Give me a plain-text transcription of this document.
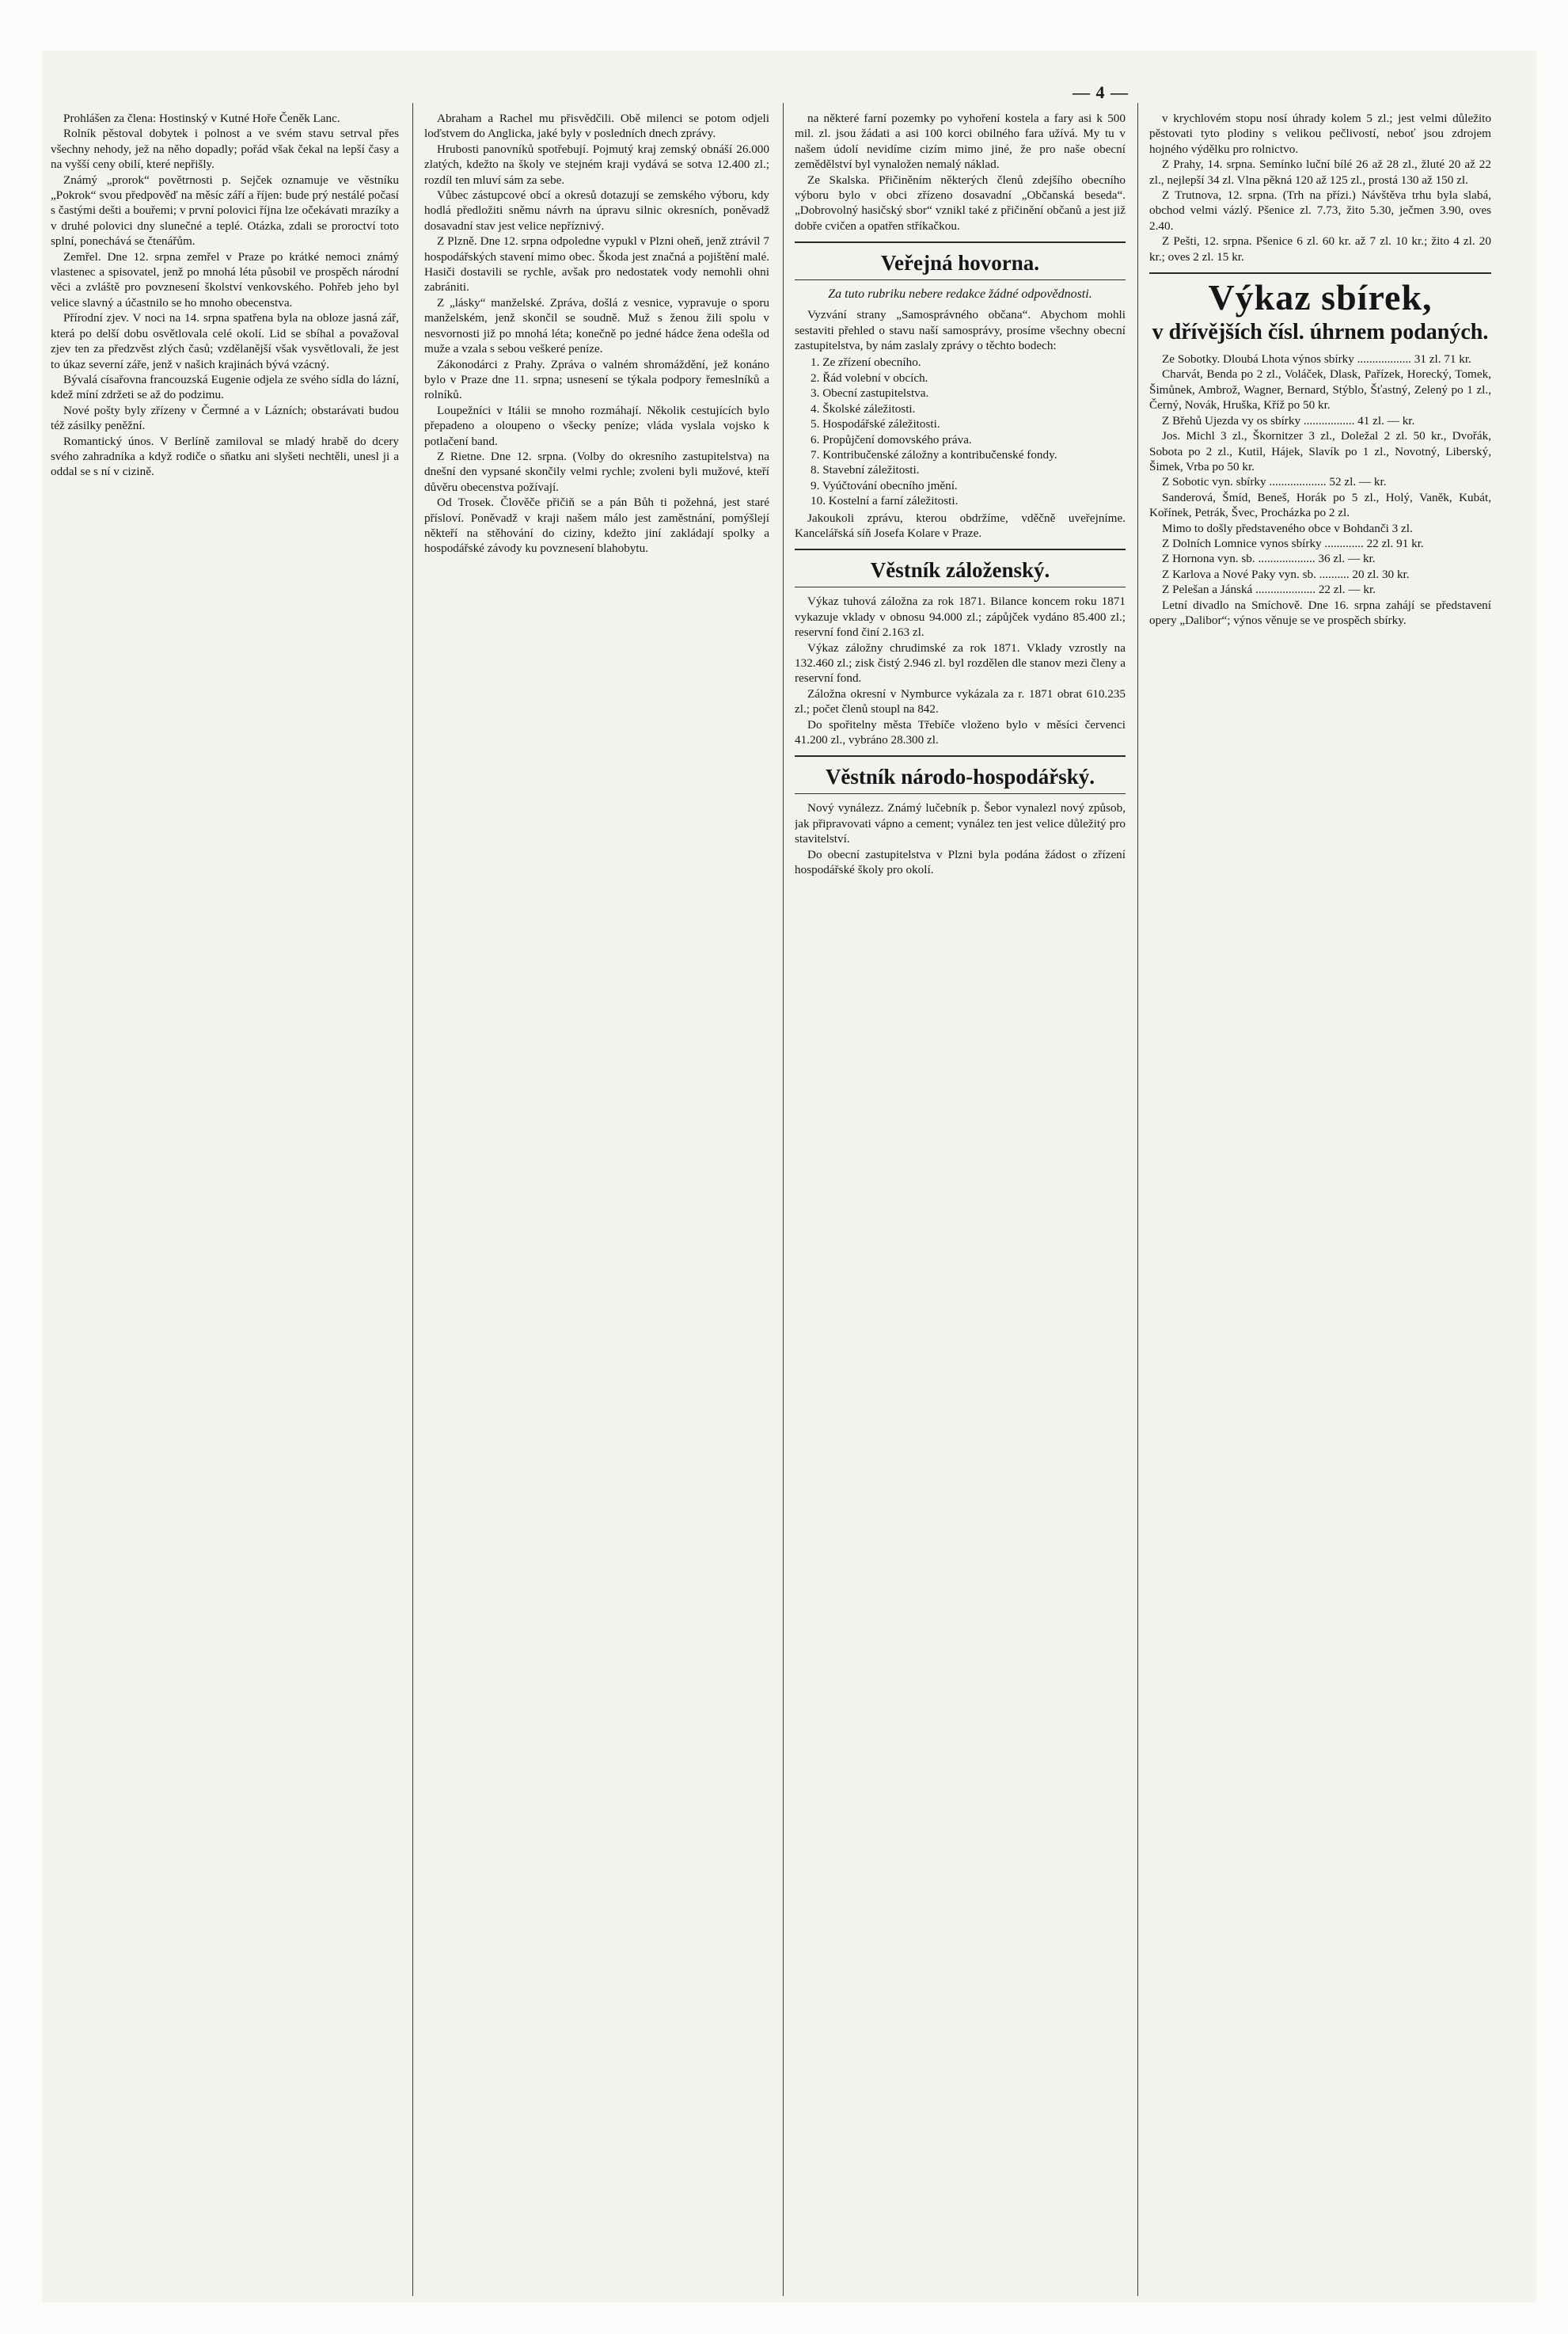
— 4 —

Prohlášen za člena: Hostinský v Kutné Hoře Čeněk Lanc.

Rolník pěstoval dobytek i polnost a ve svém stavu setrval přes všechny nehody, jež na něho dopadly; pořád však čekal na lepší časy a na vyšší ceny obilí, které nepřišly.

Známý „prorok“ povětrnosti p. Sejček oznamuje ve věstníku „Pokrok“ svou předpověď na měsíc září a říjen: bude prý nestálé počasí s častými dešti a bouřemi; v první polovici října lze očekávati mrazíky a v druhé polovici dny slunečné a teplé. Otázka, zdali se proroctví toto splní, ponechává se čtenářům.

Zemřel. Dne 12. srpna zemřel v Praze po krátké nemoci známý vlastenec a spisovatel, jenž po mnohá léta působil ve prospěch národní věci a zvláště pro povznesení školství venkovského. Pohřeb jeho byl velice slavný a účastnilo se ho mnoho obecenstva.

Přírodní zjev. V noci na 14. srpna spatřena byla na obloze jasná zář, která po delší dobu osvětlovala celé okolí. Lid se sbíhal a považoval zjev ten za předzvěst zlých časů; vzdělanější však vysvětlovali, že jest to úkaz severní záře, jenž v našich krajinách bývá vzácný.

Bývalá císařovna francouzská Eugenie odjela ze svého sídla do lázní, kdež míní zdržeti se až do podzimu.

Nové pošty byly zřízeny v Čermné a v Lázních; obstarávati budou též zásilky peněžní.

Romantický únos. V Berlíně zamiloval se mladý hrabě do dcery svého zahradníka a když rodiče o sňatku ani slyšeti nechtěli, unesl ji a oddal se s ní v cizině.

Abraham a Rachel mu přisvědčili. Obě milenci se potom odjeli loďstvem do Anglicka, jaké byly v posledních dnech zprávy.

Hrubosti panovníků spotřebují. Pojmutý kraj zemský obnáší 26.000 zlatých, kdežto na školy ve stejném kraji vydává se sotva 12.400 zl.; rozdíl ten mluví sám za sebe.

Vůbec zástupcové obcí a okresů dotazují se zemského výboru, kdy hodlá předložiti sněmu návrh na úpravu silnic okresních, poněvadž dosavadní stav jest velice nepříznivý.

Z Plzně. Dne 12. srpna odpoledne vypukl v Plzni oheň, jenž ztrávil 7 hospodářských stavení mimo obec. Škoda jest značná a pojištění malé. Hasiči dostavili se rychle, avšak pro nedostatek vody nemohli ohni zabrániti.

Z „lásky“ manželské. Zpráva, došlá z vesnice, vypravuje o sporu manželském, jenž skončil se soudně. Muž s ženou žili spolu v nesvornosti již po mnohá léta; konečně po jedné hádce žena odešla od muže a vzala s sebou veškeré peníze.

Zákonodárci z Prahy. Zpráva o valném shromáždění, jež konáno bylo v Praze dne 11. srpna; usnesení se týkala podpory řemeslníků a rolníků.

Loupežníci v Itálii se mnoho rozmáhají. Několik cestujících bylo přepadeno a oloupeno o všecky peníze; vláda vyslala vojsko k potlačení band.

Z Rietne. Dne 12. srpna. (Volby do okresního zastupitelstva) na dnešní den vypsané skončily velmi rychle; zvoleni byli mužové, kteří důvěru obecenstva požívají.

Od Trosek. Člověče přičiň se a pán Bůh ti požehná, jest staré přísloví. Poněvadž v kraji našem málo jest zaměstnání, pomýšlejí někteří na stěhování do ciziny, kdežto jiní zakládají spolky a hospodářské závody ku povznesení blahobytu.

na některé farní pozemky po vyhoření kostela a fary asi k 500 mil. zl. jsou žádati a asi 100 korci obilného fara užívá. My tu v našem údolí nevidíme cizím mimo jiné, že pro naše obecní zemědělství byl vynaložen nemalý náklad.

Ze Skalska. Přičiněním některých členů zdejšího obecního výboru bylo v obci zřízeno dosavadní „Občanská beseda“. „Dobrovolný hasičský sbor“ vznikl také z přičinění občanů a jest již dobře cvičen a opatřen stříkačkou.

Veřejná hovorna.
Za tuto rubriku nebere redakce žádné odpovědnosti.

Vyzvání strany „Samosprávného občana“. Abychom mohli sestaviti přehled o stavu naší samosprávy, prosíme všechny obecní zastupitelstva, by nám zaslaly zprávy o těchto bodech:

1. Ze zřízení obecního.
2. Řád volební v obcích.
3. Obecní zastupitelstva.
4. Školské záležitosti.
5. Hospodářské záležitosti.
6. Propůjčení domovského práva.
7. Kontribučenské záložny a kontribučenské fondy.
8. Stavební záležitosti.
9. Vyúčtování obecního jmění.
10. Kostelní a farní záležitosti.

Jakoukoli zprávu, kterou obdržíme, vděčně uveřejníme. Kancelářská síň Josefa Kolare v Praze.

Věstník záloženský.

Výkaz tuhová záložna za rok 1871. Bilance koncem roku 1871 vykazuje vklady v obnosu 94.000 zl.; zápůjček vydáno 85.400 zl.; reservní fond činí 2.163 zl.

Výkaz záložny chrudimské za rok 1871. Vklady vzrostly na 132.460 zl.; zisk čistý 2.946 zl. byl rozdělen dle stanov mezi členy a reservní fond.

Záložna okresní v Nymburce vykázala za r. 1871 obrat 610.235 zl.; počet členů stoupl na 842.

Do spořitelny města Třebíče vloženo bylo v měsíci červenci 41.200 zl., vybráno 28.300 zl.

Věstník národo-hospodářský.

Nový vynálezz. Známý lučebník p. Šebor vynalezl nový způsob, jak připravovati vápno a cement; vynález ten jest velice důležitý pro stavitelství.

Do obecní zastupitelstva v Plzni byla podána žádost o zřízení hospodářské školy pro okolí.

v krychlovém stopu nosí úhrady kolem 5 zl.; jest velmi důležito pěstovati tyto plodiny s velikou pečlivostí, neboť jsou zdrojem hojného výdělku pro rolnictvo.

Z Prahy, 14. srpna. Semínko luční bílé 26 až 28 zl., žluté 20 až 22 zl., nejlepší 34 zl. Vlna pěkná 120 až 125 zl., prostá 130 až 150 zl.

Z Trutnova, 12. srpna. (Trh na přízi.) Návštěva trhu byla slabá, obchod velmi vázlý. Pšenice zl. 7.73, žito 5.30, ječmen 3.90, oves 2.40.

Z Pešti, 12. srpna. Pšenice 6 zl. 60 kr. až 7 zl. 10 kr.; žito 4 zl. 20 kr.; oves 2 zl. 15 kr.

Výkaz sbírek,
v dřívějších čísl. úhrnem podaných.

Ze Sobotky. Dloubá Lhota výnos sbírky .................. 31 zl. 71 kr.

Charvát, Benda po 2 zl., Voláček, Dlask, Pařízek, Horecký, Tomek, Šimůnek, Ambrož, Wagner, Bernard, Stýblo, Šťastný, Zelený po 1 zl., Černý, Novák, Hruška, Kříž po 50 kr.

Z Břehů Ujezda vy os sbírky ................. 41 zl. — kr.

Jos. Michl 3 zl., Škornitzer 3 zl., Doležal 2 zl. 50 kr., Dvořák, Sobota po 2 zl., Kutil, Hájek, Slavík po 1 zl., Novotný, Liberský, Šimek, Vrba po 50 kr.

Z Sobotic vyn. sbírky ................... 52 zl. — kr.

Sanderová, Šmíd, Beneš, Horák po 5 zl., Holý, Vaněk, Kubát, Kořínek, Petrák, Švec, Procházka po 2 zl.

Mimo to došly představeného obce v Bohdanči 3 zl.

Z Dolních Lomnice vynos sbírky ............. 22 zl. 91 kr.

Z Hornona vyn. sb. ................... 36 zl. — kr.

Z Karlova a Nové Paky vyn. sb. .......... 20 zl. 30 kr.

Z Pelešan a Jánská .................... 22 zl. — kr.

Letní divadlo na Smíchově. Dne 16. srpna zahájí se představení opery „Dalibor“; výnos věnuje se ve prospěch sbírky.
